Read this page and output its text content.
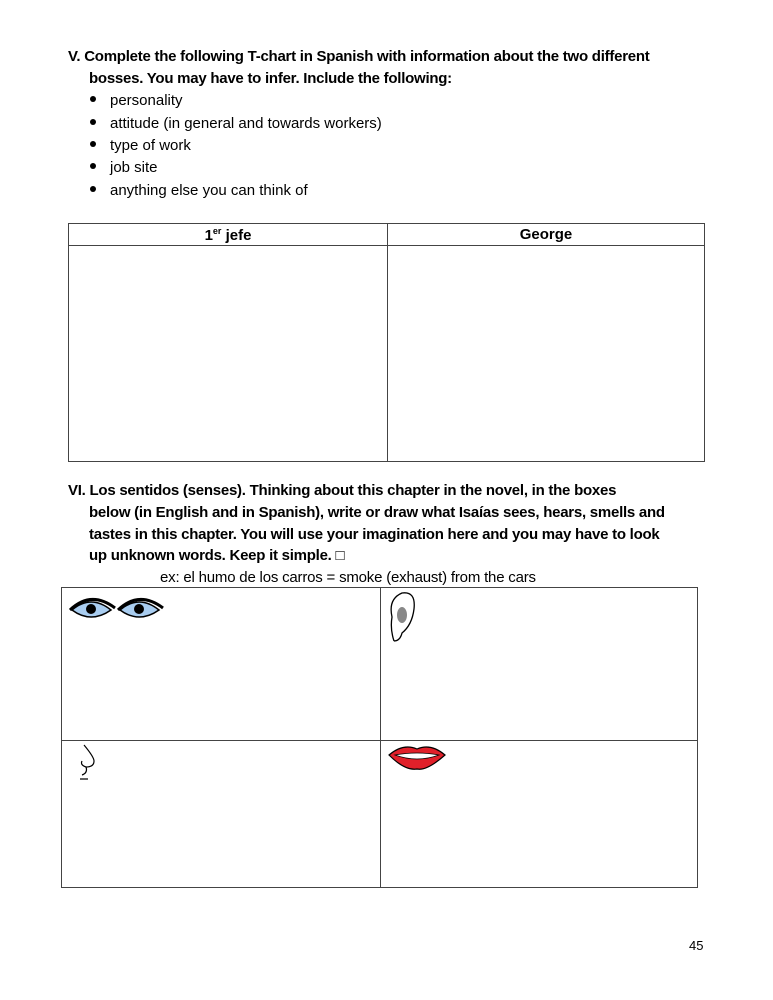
V. Complete the following T-chart in Spanish with information about the two different
bosses. You may have to infer. Include the following:
personality
attitude (in general and towards workers)
type of work
job site
anything else you can think of
1er jefe	George

VI. Los sentidos (senses). Thinking about this chapter in the novel, in the boxes
below (in English and in Spanish), write or draw what Isaías sees, hears, smells and
tastes in this chapter. You will use your imagination here and you may have to look
up unknown words. Keep it simple. □
ex: el humo de los carros = smoke (exhaust) from the cars

45
